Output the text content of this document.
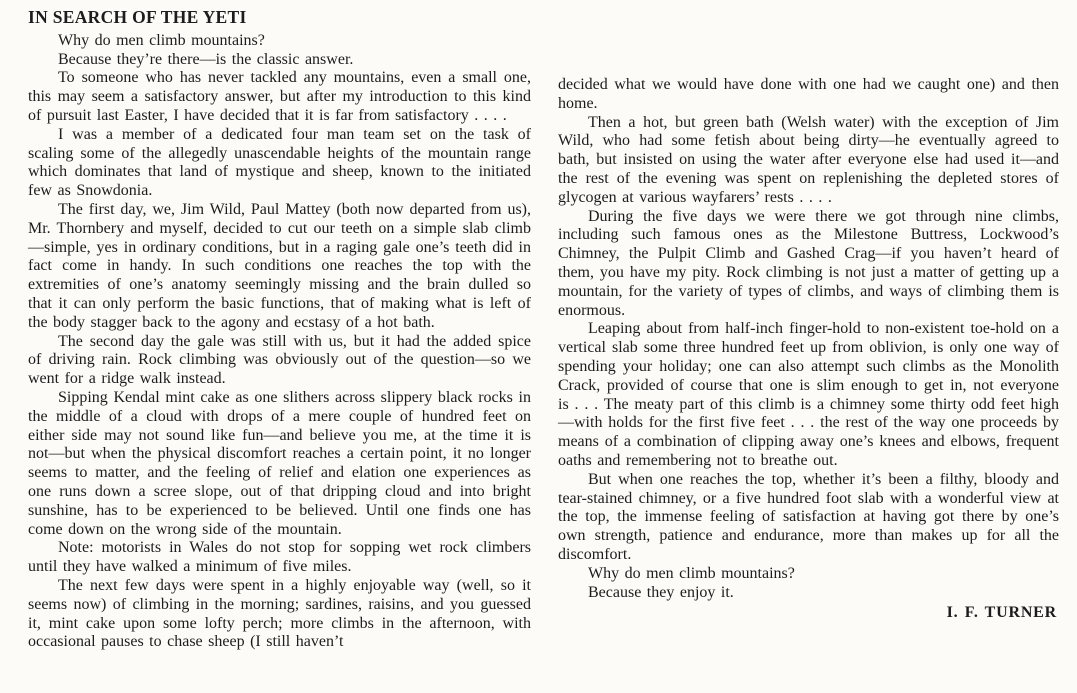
IN SEARCH OF THE YETI

Why do men climb mountains?

Because they’re there—is the classic answer.

To someone who has never tackled any mountains, even a small one, this may seem a satisfactory answer, but after my introduction to this kind of pursuit last Easter, I have decided that it is far from satisfactory . . . .

I was a member of a dedicated four man team set on the task of scaling some of the allegedly unascendable heights of the mountain range which dominates that land of mystique and sheep, known to the initiated few as Snowdonia.

The first day, we, Jim Wild, Paul Mattey (both now departed from us), Mr. Thornbery and myself, decided to cut our teeth on a simple slab climb—simple, yes in ordinary conditions, but in a raging gale one’s teeth did in fact come in handy. In such conditions one reaches the top with the extremities of one’s anatomy seemingly missing and the brain dulled so that it can only perform the basic functions, that of making what is left of the body stagger back to the agony and ecstasy of a hot bath.

The second day the gale was still with us, but it had the added spice of driving rain. Rock climbing was obviously out of the question—so we went for a ridge walk instead.

Sipping Kendal mint cake as one slithers across slippery black rocks in the middle of a cloud with drops of a mere couple of hundred feet on either side may not sound like fun—and believe you me, at the time it is not—but when the physical discomfort reaches a certain point, it no longer seems to matter, and the feeling of relief and elation one experiences as one runs down a scree slope, out of that dripping cloud and into bright sunshine, has to be experienced to be believed. Until one finds one has come down on the wrong side of the mountain.

Note: motorists in Wales do not stop for sopping wet rock climbers until they have walked a minimum of five miles.

The next few days were spent in a highly enjoyable way (well, so it seems now) of climbing in the morning; sardines, raisins, and you guessed it, mint cake upon some lofty perch; more climbs in the afternoon, with occasional pauses to chase sheep (I still haven’t

decided what we would have done with one had we caught one) and then home.

Then a hot, but green bath (Welsh water) with the exception of Jim Wild, who had some fetish about being dirty—he eventually agreed to bath, but insisted on using the water after everyone else had used it—and the rest of the evening was spent on replenishing the depleted stores of glycogen at various wayfarers’ rests . . . .

During the five days we were there we got through nine climbs, including such famous ones as the Milestone Buttress, Lockwood’s Chimney, the Pulpit Climb and Gashed Crag—if you haven’t heard of them, you have my pity. Rock climbing is not just a matter of getting up a mountain, for the variety of types of climbs, and ways of climbing them is enormous.

Leaping about from half-inch finger-hold to non-existent toe-hold on a vertical slab some three hundred feet up from oblivion, is only one way of spending your holiday; one can also attempt such climbs as the Monolith Crack, provided of course that one is slim enough to get in, not everyone is . . . The meaty part of this climb is a chimney some thirty odd feet high—with holds for the first five feet . . . the rest of the way one proceeds by means of a combination of clipping away one’s knees and elbows, frequent oaths and remembering not to breathe out.

But when one reaches the top, whether it’s been a filthy, bloody and tear-stained chimney, or a five hundred foot slab with a wonderful view at the top, the immense feeling of satisfaction at having got there by one’s own strength, patience and endurance, more than makes up for all the discomfort.

Why do men climb mountains?

Because they enjoy it.

I. F. TURNER
